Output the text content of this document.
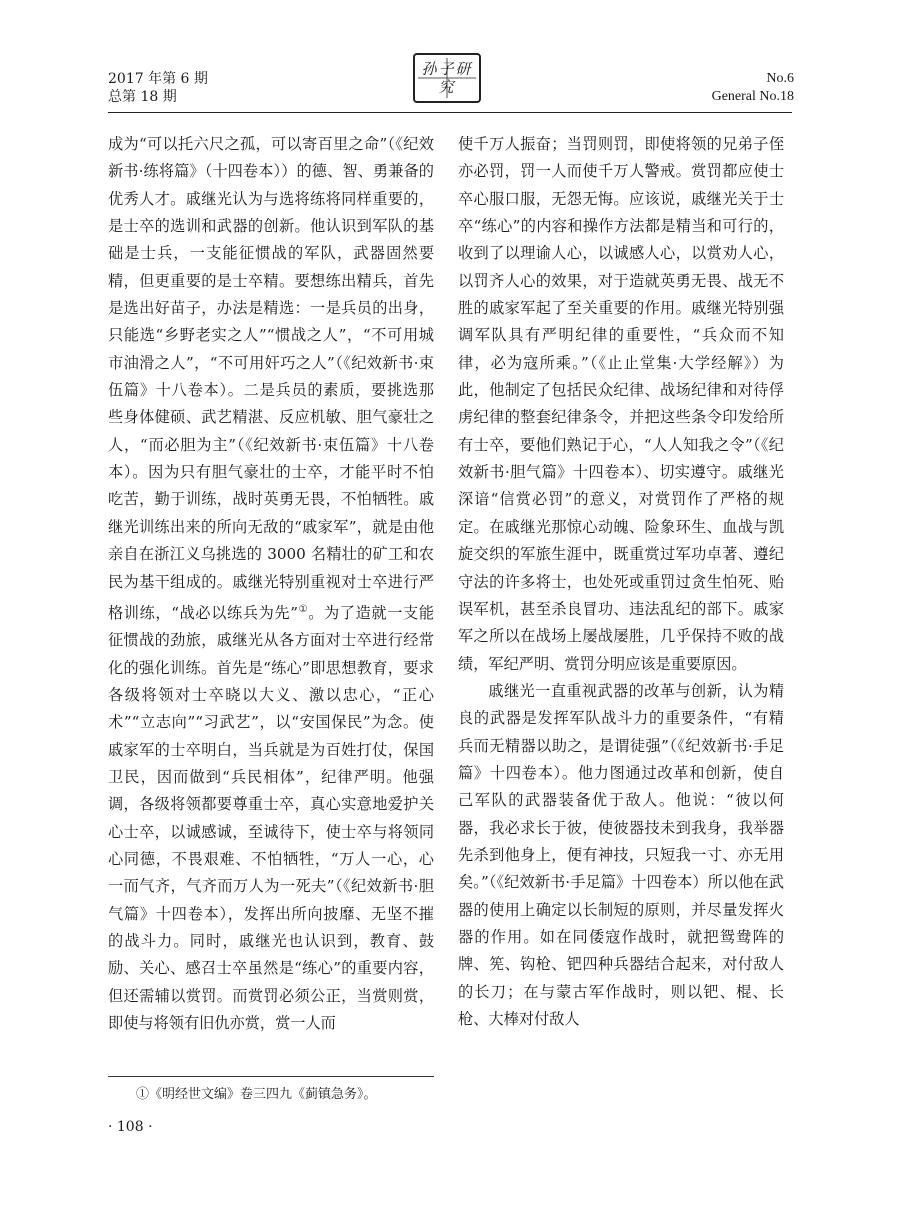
2017 年第 6 期
总第 18 期
孙子研究	No.6
General No.18

成为“可以托六尺之孤，可以寄百里之命”（《纪效新书·练将篇》（十四卷本））的德、智、勇兼备的优秀人才。戚继光认为与选将练将同样重要的，是士卒的选训和武器的创新。他认识到军队的基础是士兵，一支能征惯战的军队，武器固然要精，但更重要的是士卒精。要想练出精兵，首先是选出好苗子，办法是精选：一是兵员的出身，只能选“乡野老实之人”“惯战之人”，“不可用城市油滑之人”，“不可用奸巧之人”（《纪效新书·束伍篇》十八卷本）。二是兵员的素质，要挑选那些身体健硕、武艺精湛、反应机敏、胆气豪壮之人，“而必胆为主”（《纪效新书·束伍篇》十八卷本）。因为只有胆气豪壮的士卒，才能平时不怕吃苦，勤于训练，战时英勇无畏，不怕牺牲。戚继光训练出来的所向无敌的“戚家军”，就是由他亲自在浙江义乌挑选的 3000 名精壮的矿工和农民为基干组成的。戚继光特别重视对士卒进行严格训练，“战必以练兵为先”①。为了造就一支能征惯战的劲旅，戚继光从各方面对士卒进行经常化的强化训练。首先是“练心”即思想教育，要求各级将领对士卒晓以大义、激以忠心，“正心术”“立志向”“习武艺”，以“安国保民”为念。使戚家军的士卒明白，当兵就是为百姓打仗，保国卫民，因而做到“兵民相体”，纪律严明。他强调，各级将领都要尊重士卒，真心实意地爱护关心士卒，以诚感诚，至诚待下，使士卒与将领同心同德，不畏艰难、不怕牺牲，“万人一心，心一而气齐，气齐而万人为一死夫”（《纪效新书·胆气篇》十四卷本），发挥出所向披靡、无坚不摧的战斗力。同时，戚继光也认识到，教育、鼓励、关心、感召士卒虽然是“练心”的重要内容，但还需辅以赏罚。而赏罚必须公正，当赏则赏，即使与将领有旧仇亦赏，赏一人而

使千万人振奋；当罚则罚，即使将领的兄弟子侄亦必罚，罚一人而使千万人警戒。赏罚都应使士卒心服口服，无怨无悔。应该说，戚继光关于士卒“练心”的内容和操作方法都是精当和可行的，收到了以理谕人心，以诚感人心，以赏劝人心，以罚齐人心的效果，对于造就英勇无畏、战无不胜的戚家军起了至关重要的作用。戚继光特别强调军队具有严明纪律的重要性，“兵众而不知律，必为寇所乘。”（《止止堂集·大学经解》）为此，他制定了包括民众纪律、战场纪律和对待俘虏纪律的整套纪律条令，并把这些条令印发给所有士卒，要他们熟记于心，“人人知我之令”（《纪效新书·胆气篇》十四卷本）、切实遵守。戚继光深谙“信赏必罚”的意义，对赏罚作了严格的规定。在戚继光那惊心动魄、险象环生、血战与凯旋交织的军旅生涯中，既重赏过军功卓著、遵纪守法的许多将士，也处死或重罚过贪生怕死、贻误军机，甚至杀良冒功、违法乱纪的部下。戚家军之所以在战场上屡战屡胜，几乎保持不败的战绩，军纪严明、赏罚分明应该是重要原因。

戚继光一直重视武器的改革与创新，认为精良的武器是发挥军队战斗力的重要条件，“有精兵而无精器以助之，是谓徒强”（《纪效新书·手足篇》十四卷本）。他力图通过改革和创新，使自己军队的武器装备优于敌人。他说：“彼以何器，我必求长于彼，使彼器技未到我身，我举器先杀到他身上，便有神技，只短我一寸、亦无用矣。”（《纪效新书·手足篇》十四卷本）所以他在武器的使用上确定以长制短的原则，并尽量发挥火器的作用。如在同倭寇作战时，就把鸳鸯阵的牌、筅、钩枪、钯四种兵器结合起来，对付敌人的长刀；在与蒙古军作战时，则以钯、棍、长枪、大棒对付敌人

①《明经世文编》卷三四九《蓟镇急务》。
· 108 ·
